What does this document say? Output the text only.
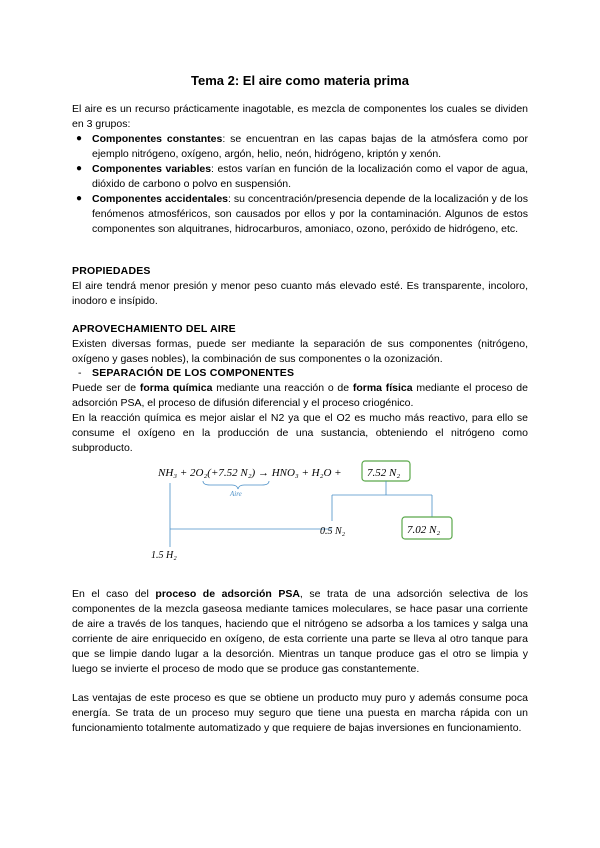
Tema 2: El aire como materia prima
El aire es un recurso prácticamente inagotable, es mezcla de componentes los cuales se dividen en 3 grupos:
● Componentes constantes: se encuentran en las capas bajas de la atmósfera como por ejemplo nitrógeno, oxígeno, argón, helio, neón, hidrógeno, kriptón y xenón.
● Componentes variables: estos varían en función de la localización como el vapor de agua, dióxido de carbono o polvo en suspensión.
● Componentes accidentales: su concentración/presencia depende de la localización y de los fenómenos atmosféricos, son causados por ellos y por la contaminación. Algunos de estos componentes son alquitranes, hidrocarburos, amoniaco, ozono, peróxido de hidrógeno, etc.
PROPIEDADES
El aire tendrá menor presión y menor peso cuanto más elevado esté. Es transparente, incoloro, inodoro e insípido.
APROVECHAMIENTO DEL AIRE
Existen diversas formas, puede ser mediante la separación de sus componentes (nitrógeno, oxígeno y gases nobles), la combinación de sus componentes o la ozonización.
- SEPARACIÓN DE LOS COMPONENTES
Puede ser de forma química mediante una reacción o de forma física mediante el proceso de adsorción PSA, el proceso de difusión diferencial y el proceso criogénico.
En la reacción química es mejor aislar el N2 ya que el O2 es mucho más reactivo, para ello se consume el oxígeno en la producción de una sustancia, obteniendo el nitrógeno como subproducto.
NH₃ + 2O₂(+7.52 N₂) → HNO₃ + H₂O +
Aire
7.52 N₂
0.5 N₂	7.02 N₂
1.5 H₂
En el caso del proceso de adsorción PSA, se trata de una adsorción selectiva de los componentes de la mezcla gaseosa mediante tamices moleculares, se hace pasar una corriente de aire a través de los tanques, haciendo que el nitrógeno se adsorba a los tamices y salga una corriente de aire enriquecido en oxígeno, de esta corriente una parte se lleva al otro tanque para que se limpie dando lugar a la desorción. Mientras un tanque produce gas el otro se limpia y luego se invierte el proceso de modo que se produce gas constantemente.
Las ventajas de este proceso es que se obtiene un producto muy puro y además consume poca energía. Se trata de un proceso muy seguro que tiene una puesta en marcha rápida con un funcionamiento totalmente automatizado y que requiere de bajas inversiones en funcionamiento.
